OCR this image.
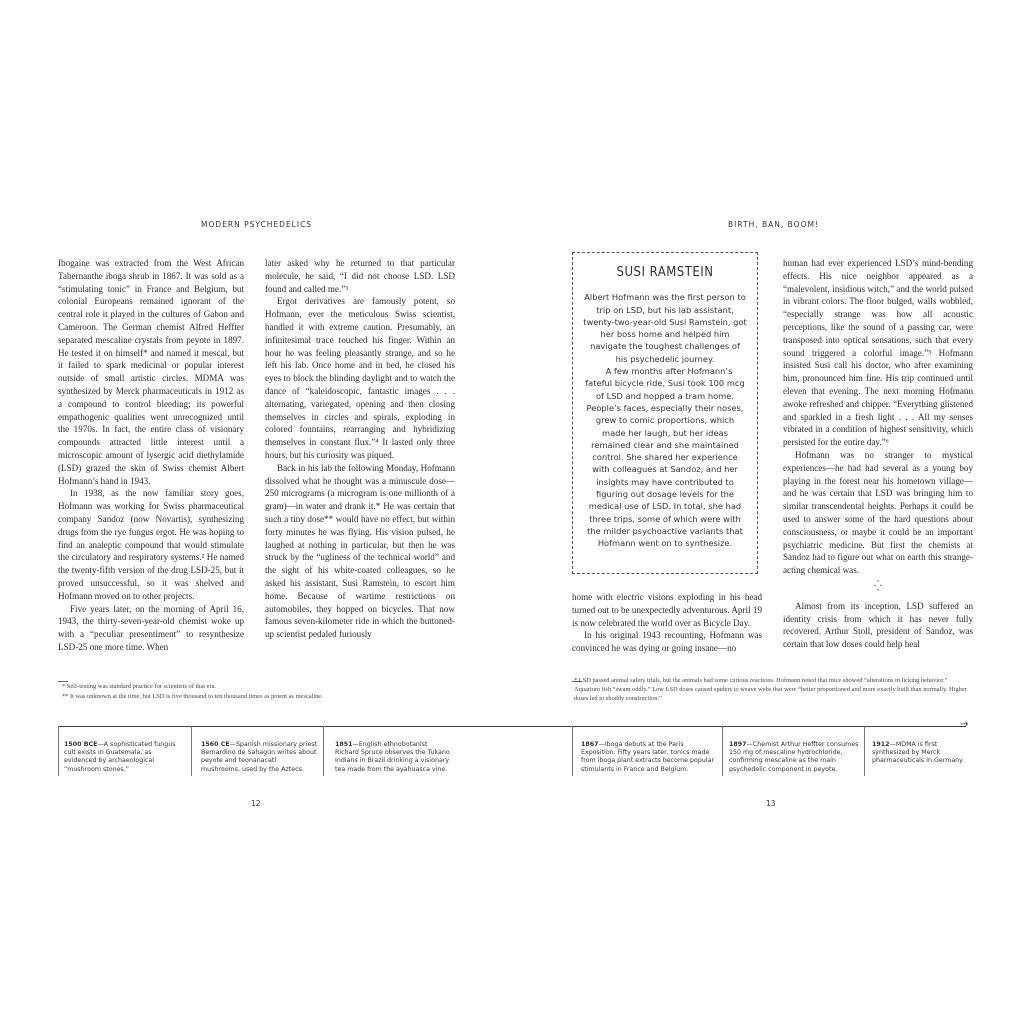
MODERN PSYCHEDELICS	BIRTH, BAN, BOOM!

Ibogaine was extracted from the West African Tabernanthe iboga shrub in 1867. It was sold as a “stimulating tonic” in France and Belgium, but colonial Europeans remained ignorant of the central role it played in the cultures of Gabon and Cameroon. The German chemist Alfred Heffter separated mescaline crystals from peyote in 1897. He tested it on himself* and named it mescal, but it failed to spark medicinal or popular interest outside of small artistic circles. MDMA was synthesized by Merck pharmaceuticals in 1912 as a compound to control bleeding; its powerful empathogenic qualities went unrecognized until the 1970s. In fact, the entire class of visionary compounds attracted little interest until a microscopic amount of lysergic acid diethylamide (LSD) grazed the skin of Swiss chemist Albert Hofmann’s hand in 1943.

In 1938, as the now familiar story goes, Hofmann was working for Swiss pharmaceutical company Sandoz (now Novartis), synthesizing drugs from the rye fungus ergot. He was hoping to find an analeptic compound that would stimulate the circulatory and respiratory systems.² He named the twenty-fifth version of the drug LSD-25, but it proved unsuccessful, so it was shelved and Hofmann moved on to other projects.

Five years later, on the morning of April 16, 1943, the thirty-seven-year-old chemist woke up with a “peculiar presentiment” to resynthesize LSD-25 one more time. When

later asked why he returned to that particular molecule, he said, “I did not choose LSD. LSD found and called me.”³

Ergot derivatives are famously potent, so Hofmann, ever the meticulous Swiss scientist, handled it with extreme caution. Presumably, an infinitesimal trace touched his finger. Within an hour he was feeling pleasantly strange, and so he left his lab. Once home and in bed, he closed his eyes to block the blinding daylight and to watch the dance of “kaleidoscopic, fantastic images . . . alternating, variegated, opening and then closing themselves in circles and spirals, exploding in colored fountains, rearranging and hybridizing themselves in constant flux.”⁴ It lasted only three hours, but his curiosity was piqued.

Back in his lab the following Monday, Hofmann dissolved what he thought was a minuscule dose—250 micrograms (a microgram is one millionth of a gram)—in water and drank it.* He was certain that such a tiny dose** would have no effect, but within forty minutes he was flying. His vision pulsed, he laughed at nothing in particular, but then he was struck by the “ugliness of the technical world” and the sight of his white-coated colleagues, so he asked his assistant, Susi Ramstein, to escort him home. Because of wartime restrictions on automobiles, they hopped on bicycles. That now famous seven-kilometer ride in which the buttoned-up scientist pedaled furiously

SUSI RAMSTEIN

Albert Hofmann was the first person to trip on LSD, but his lab assistant, twenty-two-year-old Susi Ramstein, got her boss home and helped him navigate the toughest challenges of his psychedelic journey.

A few months after Hofmann’s fateful bicycle ride, Susi took 100 mcg of LSD and hopped a tram home. People’s faces, especially their noses, grew to comic proportions, which made her laugh, but her ideas remained clear and she maintained control. She shared her experience with colleagues at Sandoz, and her insights may have contributed to figuring out dosage levels for the medical use of LSD. In total, she had three trips, some of which were with the milder psychoactive variants that Hofmann went on to synthesize.

home with electric visions exploding in his head turned out to be unexpectedly adventurous. April 19 is now celebrated the world over as Bicycle Day.

In his original 1943 recounting, Hofmann was convinced he was dying or going insane—no

human had ever experienced LSD’s mind-bending effects. His nice neighbor appeared as a “malevolent, insidious witch,” and the world pulsed in vibrant colors. The floor bulged, walls wobbled, “especially strange was how all acoustic perceptions, like the sound of a passing car, were transposed into optical sensations, such that every sound triggered a colorful image.”⁵ Hofmann insisted Susi call his doctor, who after examining him, pronounced him fine. His trip continued until eleven that evening. The next morning Hofmann awoke refreshed and chipper. “Everything glistened and sparkled in a fresh light . . . All my senses vibrated in a condition of highest sensitivity, which persisted for the entire day.”⁶

Hofmann was no stranger to mystical experiences—he had had several as a young boy playing in the forest near his hometown village—and he was certain that LSD was bringing him to similar transcendental heights. Perhaps it could be used to answer some of the hard questions about consciousness, or maybe it could be an important psychiatric medicine. But first the chemists at Sandoz had to figure out what on earth this strange-acting chemical was.

⁛

Almost from its inception, LSD suffered an identity crisis from which it has never fully recovered. Arthur Stoll, president of Sandoz, was certain that low doses could help heal

* Self-testing was standard practice for scientists of that era.

** It was unknown at the time, but LSD is five thousand to ten thousand times as potent as mescaline.

* LSD passed animal safety trials, but the animals had some curious reactions. Hofmann noted that mice showed “alterations in licking behavior.” Aquarium fish “swam oddly.” Low LSD doses caused spiders to weave webs that were “better proportioned and more exactly built than normally. Higher doses led to shoddy construction.”

→
1500 BCE—A sophisticated fungus cult exists in Guatemala, as evidenced by archaeological “mushroom stones.”
1560 CE—Spanish missionary priest Bernardino de Sahagún writes about peyote and teonanacatl mushrooms, used by the Aztecs.
1851—English ethnobotanist Richard Spruce observes the Tukano Indians in Brazil drinking a visionary tea made from the ayahuasca vine.
1867—Iboga debuts at the Paris Exposition. Fifty years later, tonics made from iboga plant extracts become popular stimulants in France and Belgium.
1897—Chemist Arthur Heffter consumes 150 mg of mescaline hydrochloride, confirming mescaline as the main psychedelic component in peyote.
1912—MDMA is first synthesized by Merck pharmaceuticals in Germany.
12	13
